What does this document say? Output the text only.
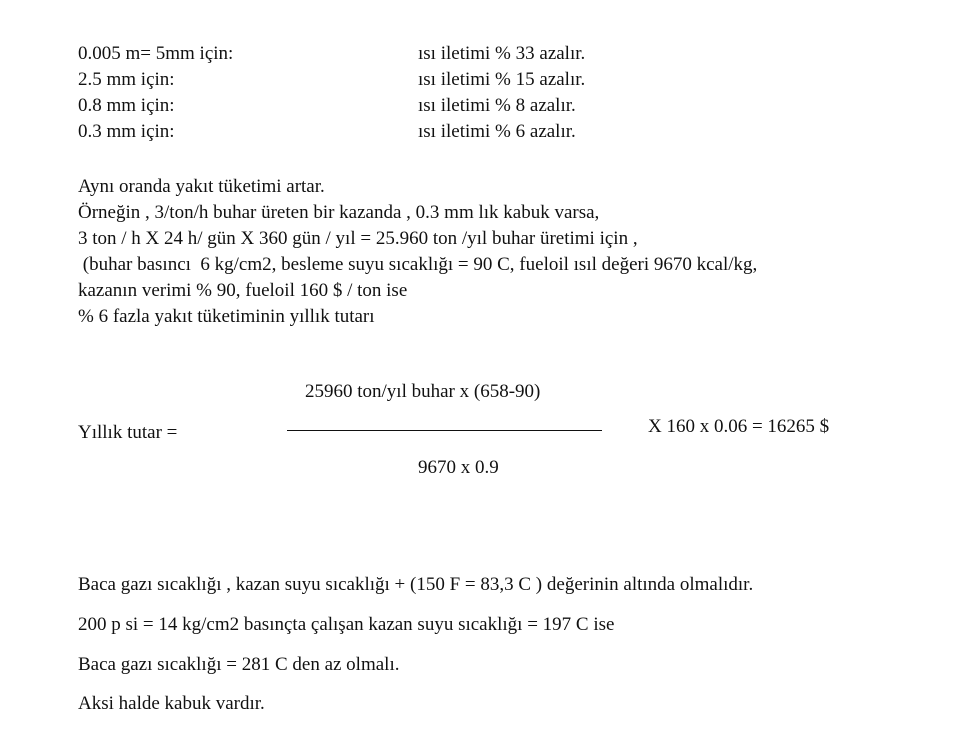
0.005 m= 5mm için:	ısı iletimi % 33 azalır.
2.5 mm için:	ısı iletimi % 15 azalır.
0.8 mm için:	ısı iletimi % 8 azalır.
0.3 mm için:	ısı iletimi % 6 azalır.
Aynı oranda yakıt tüketimi artar.
Örneğin , 3/ton/h buhar üreten bir kazanda , 0.3 mm lık kabuk varsa,
3 ton / h X 24 h/ gün X 360 gün / yıl = 25.960 ton /yıl buhar üretimi için ,
(buhar basıncı  6 kg/cm2, besleme suyu sıcaklığı = 90 C, fueloil ısıl değeri 9670 kcal/kg,
kazanın verimi % 90, fueloil 160 $ / ton ise
% 6 fazla yakıt tüketiminin yıllık tutarı
25960 ton/yıl buhar x (658-90)
Yıllık tutar =	X 160 x 0.06 = 16265 $
9670 x 0.9
Baca gazı sıcaklığı , kazan suyu sıcaklığı + (150 F = 83,3 C ) değerinin altında olmalıdır.
200 p si = 14 kg/cm2 basınçta çalışan kazan suyu sıcaklığı = 197 C ise
Baca gazı sıcaklığı = 281 C den az olmalı.
Aksi halde kabuk vardır.
